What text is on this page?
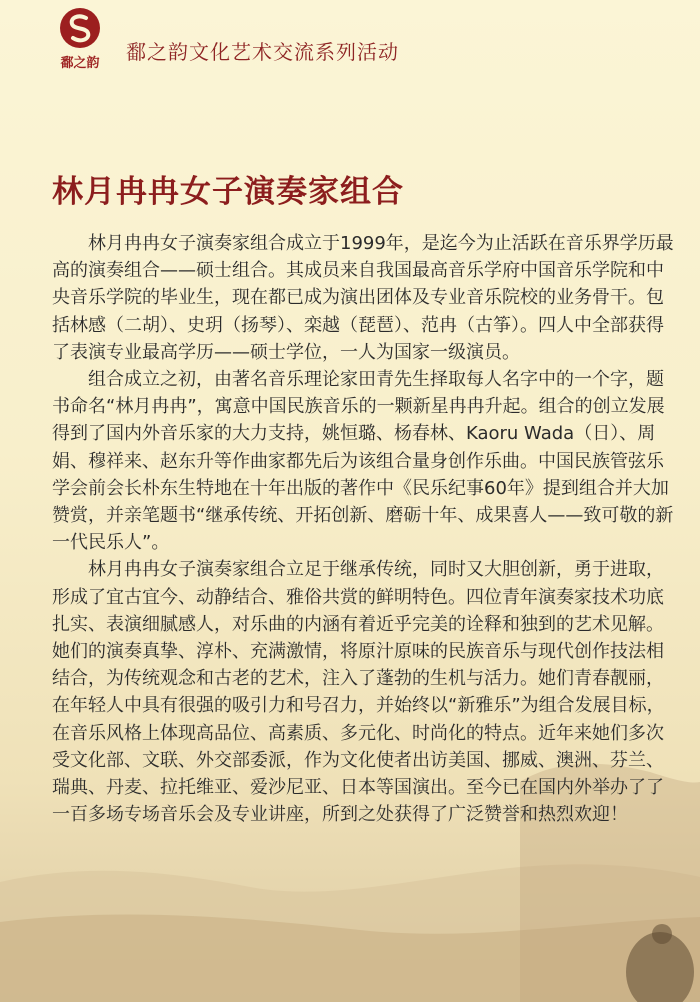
鄱之韵	鄱之韵文化艺术交流系列活动
林月冉冉女子演奏家组合

林月冉冉女子演奏家组合成立于1999年，是迄今为止活跃在音乐界学历最高的演奏组合——硕士组合。其成员来自我国最高音乐学府中国音乐学院和中央音乐学院的毕业生，现在都已成为演出团体及专业音乐院校的业务骨干。包括林感（二胡）、史玥（扬琴）、栾越（琵琶）、范冉（古筝）。四人中全部获得了表演专业最高学历——硕士学位，一人为国家一级演员。

组合成立之初，由著名音乐理论家田青先生择取每人名字中的一个字，题书命名“林月冉冉”，寓意中国民族音乐的一颗新星冉冉升起。组合的创立发展得到了国内外音乐家的大力支持，姚恒璐、杨春林、Kaoru Wada（日）、周娟、穆祥来、赵东升等作曲家都先后为该组合量身创作乐曲。中国民族管弦乐学会前会长朴东生特地在十年出版的著作中《民乐纪事60年》提到组合并大加赞赏，并亲笔题书“继承传统、开拓创新、磨砺十年、成果喜人——致可敬的新一代民乐人”。

林月冉冉女子演奏家组合立足于继承传统，同时又大胆创新，勇于进取，形成了宜古宜今、动静结合、雅俗共赏的鲜明特色。四位青年演奏家技术功底扎实、表演细腻感人，对乐曲的内涵有着近乎完美的诠释和独到的艺术见解。她们的演奏真挚、淳朴、充满激情，将原汁原味的民族音乐与现代创作技法相结合，为传统观念和古老的艺术，注入了蓬勃的生机与活力。她们青春靓丽，在年轻人中具有很强的吸引力和号召力，并始终以“新雅乐”为组合发展目标，在音乐风格上体现高品位、高素质、多元化、时尚化的特点。近年来她们多次受文化部、文联、外交部委派，作为文化使者出访美国、挪威、澳洲、芬兰、瑞典、丹麦、拉托维亚、爱沙尼亚、日本等国演出。至今已在国内外举办了了一百多场专场音乐会及专业讲座，所到之处获得了广泛赞誉和热烈欢迎！
